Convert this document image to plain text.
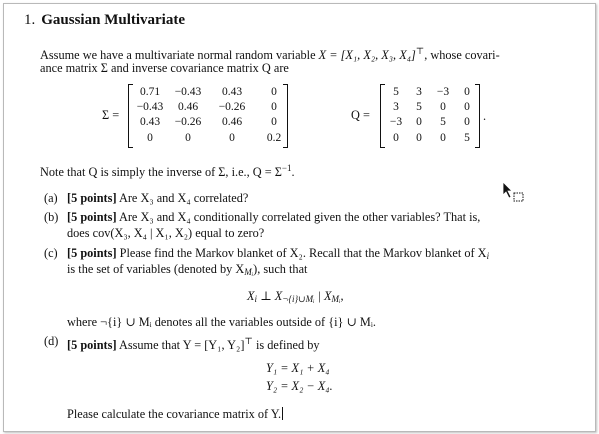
1. Gaussian Multivariate
Assume we have a multivariate normal random variable X = [X₁, X₂, X₃, X₄]⊤, whose covari-
ance matrix Σ and inverse covariance matrix Q are
Σ =
0.71	−0.43	0.43	0
−0.43	0.46	−0.26	0
0.43	−0.26	0.46	0
0	0	0	0.2
Q =
5	3	−3	0
3	5	0	0
−3	0	5	0
0	0	0	5
.
Note that Q is simply the inverse of Σ, i.e., $Q = \Sigma^{-1}$.
(a) [5 points] Are X₃ and X₄ correlated?
(b) [5 points] Are X₃ and X₄ conditionally correlated given the other variables? That is,
does cov(X₃, X₄ | X₁, X₂) equal to zero?
(c) [5 points] Please find the Markov blanket of X₂. Recall that the Markov blanket of $X_i$
is the set of variables (denoted by $X_{Mᵢ}$), such that
$X_i$ ⊥ $X_{\neg\{i\}\cup Mᵢ}$ | $X_{Mᵢ}$,
where ¬{i} ∪ Mᵢ denotes all the variables outside of {i} ∪ Mᵢ.
(d) [5 points] Assume that Y = [Y₁, Y₂]⊤ is defined by
Y₁ = X₁ + X₄
Y₂ = X₂ − X₄.
Please calculate the covariance matrix of Y.
